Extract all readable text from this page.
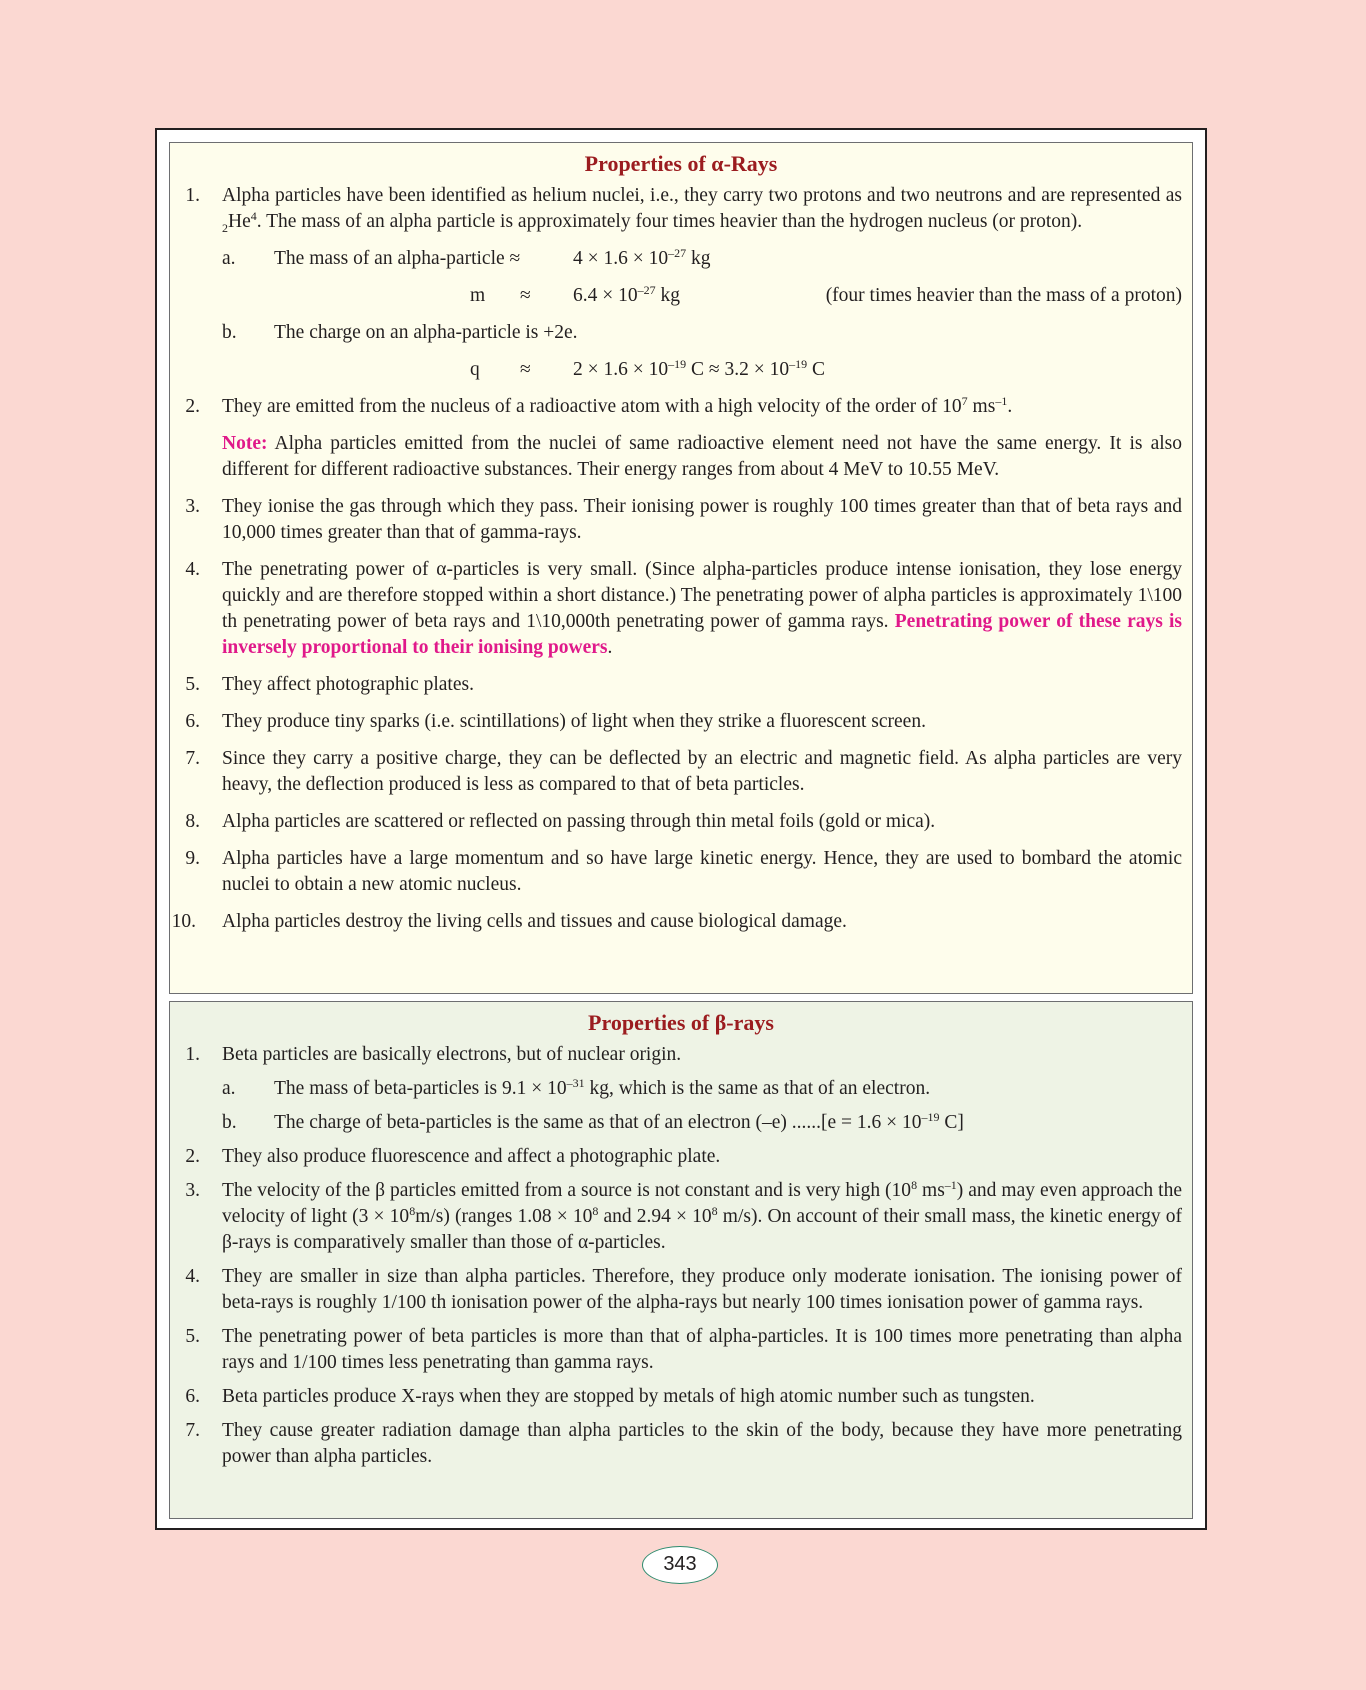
Properties of α-Rays
1. Alpha particles have been identified as helium nuclei, i.e., they carry two protons and two neutrons and are represented as $_2He^4$. The mass of an alpha particle is approximately four times heavier than the hydrogen nucleus (or proton).
a. The mass of an alpha-particle ≈	$4 \times 1.6 \times 10^{-27}$ kg
$m \approx 6.4 \times 10^{-27}$ kg	(four times heavier than the mass of a proton)
b. The charge on an alpha-particle is +2e.
$q \approx 2 \times 1.6 \times 10^{-19}$ $C \approx 3.2 \times 10^{-19}$ C
2. They are emitted from the nucleus of a radioactive atom with a high velocity of the order of $10^7$ $ms^{-1}$.
Note: Alpha particles emitted from the nuclei of same radioactive element need not have the same energy. It is also different for different radioactive substances. Their energy ranges from about 4 MeV to 10.55 MeV.
3. They ionise the gas through which they pass. Their ionising power is roughly 100 times greater than that of beta rays and 10,000 times greater than that of gamma-rays.
4. The penetrating power of α-particles is very small. (Since alpha-particles produce intense ionisation, they lose energy quickly and are therefore stopped within a short distance.) The penetrating power of alpha particles is approximately 1\100 th penetrating power of beta rays and 1\10,000th penetrating power of gamma rays. Penetrating power of these rays is inversely proportional to their ionising powers.
5. They affect photographic plates.
6. They produce tiny sparks (i.e. scintillations) of light when they strike a fluorescent screen.
7. Since they carry a positive charge, they can be deflected by an electric and magnetic field. As alpha particles are very heavy, the deflection produced is less as compared to that of beta particles.
8. Alpha particles are scattered or reflected on passing through thin metal foils (gold or mica).
9. Alpha particles have a large momentum and so have large kinetic energy. Hence, they are used to bombard the atomic nuclei to obtain a new atomic nucleus.
10. Alpha particles destroy the living cells and tissues and cause biological damage.
Properties of β-rays
1. Beta particles are basically electrons, but of nuclear origin.
a. The mass of beta-particles is $9.1 \times 10^{-31}$ kg, which is the same as that of an electron.
b. The charge of beta-particles is the same as that of an electron (–e) $......[e = 1.6 \times 10^{-19}$ C]
2. They also produce fluorescence and affect a photographic plate.
3. The velocity of the β particles emitted from a source is not constant and is very high ($10^8$ $ms^{-1}$) and may even approach the velocity of light $(3 \times 10^8m/s)$ (ranges $1.08 \times 10^8$ and $2.94 \times 10^8$ m/s). On account of their small mass, the kinetic energy of β-rays is comparatively smaller than those of α-particles.
4. They are smaller in size than alpha particles. Therefore, they produce only moderate ionisation. The ionising power of beta-rays is roughly 1/100 th ionisation power of the alpha-rays but nearly 100 times ionisation power of gamma rays.
5. The penetrating power of beta particles is more than that of alpha-particles. It is 100 times more penetrating than alpha rays and 1/100 times less penetrating than gamma rays.
6. Beta particles produce X-rays when they are stopped by metals of high atomic number such as tungsten.
7. They cause greater radiation damage than alpha particles to the skin of the body, because they have more penetrating power than alpha particles.
343
